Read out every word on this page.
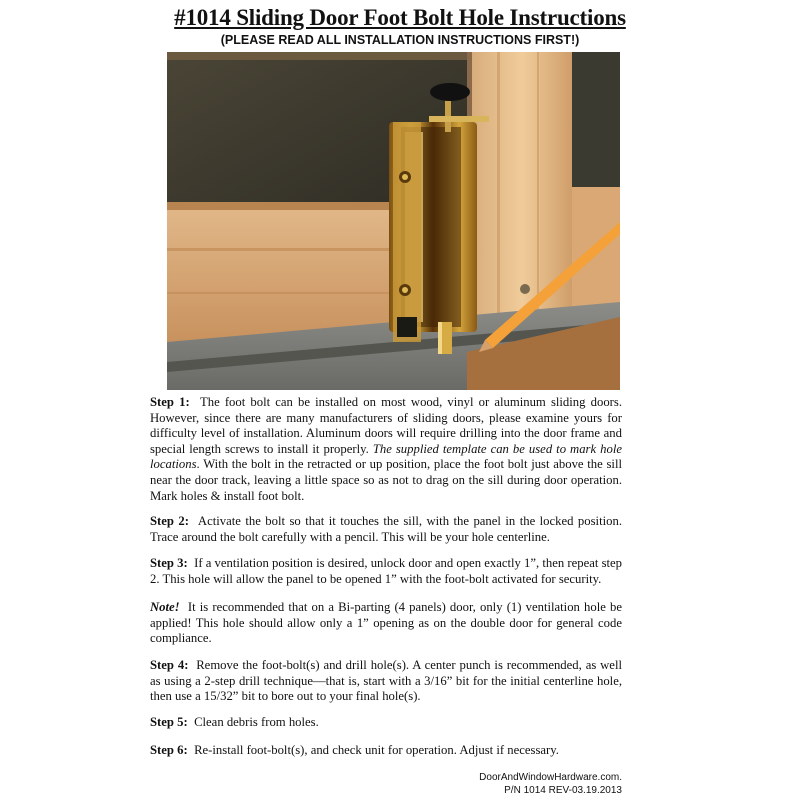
#1014 Sliding Door Foot Bolt Hole Instructions
(PLEASE READ ALL INSTALLATION INSTRUCTIONS FIRST!)
Step 1: The foot bolt can be installed on most wood, vinyl or aluminum sliding doors. However, since there are many manufacturers of sliding doors, please examine yours for difficulty level of installation. Aluminum doors will require drilling into the door frame and special length screws to install it properly. The supplied template can be used to mark hole locations. With the bolt in the retracted or up position, place the foot bolt just above the sill near the door track, leaving a little space so as not to drag on the sill during door operation. Mark holes & install foot bolt.
Step 2: Activate the bolt so that it touches the sill, with the panel in the locked position. Trace around the bolt carefully with a pencil. This will be your hole centerline.
Step 3: If a ventilation position is desired, unlock door and open exactly 1”, then repeat step 2. This hole will allow the panel to be opened 1” with the foot-bolt activated for security.
Note! It is recommended that on a Bi-parting (4 panels) door, only (1) ventilation hole be applied! This hole should allow only a 1” opening as on the double door for general code compliance.
Step 4: Remove the foot-bolt(s) and drill hole(s). A center punch is recommended, as well as using a 2-step drill technique—that is, start with a 3/16” bit for the initial centerline hole, then use a 15/32” bit to bore out to your final hole(s).
Step 5: Clean debris from holes.
Step 6: Re-install foot-bolt(s), and check unit for operation. Adjust if necessary.
DoorAndWindowHardware.com.
P/N 1014 REV-03.19.2013
